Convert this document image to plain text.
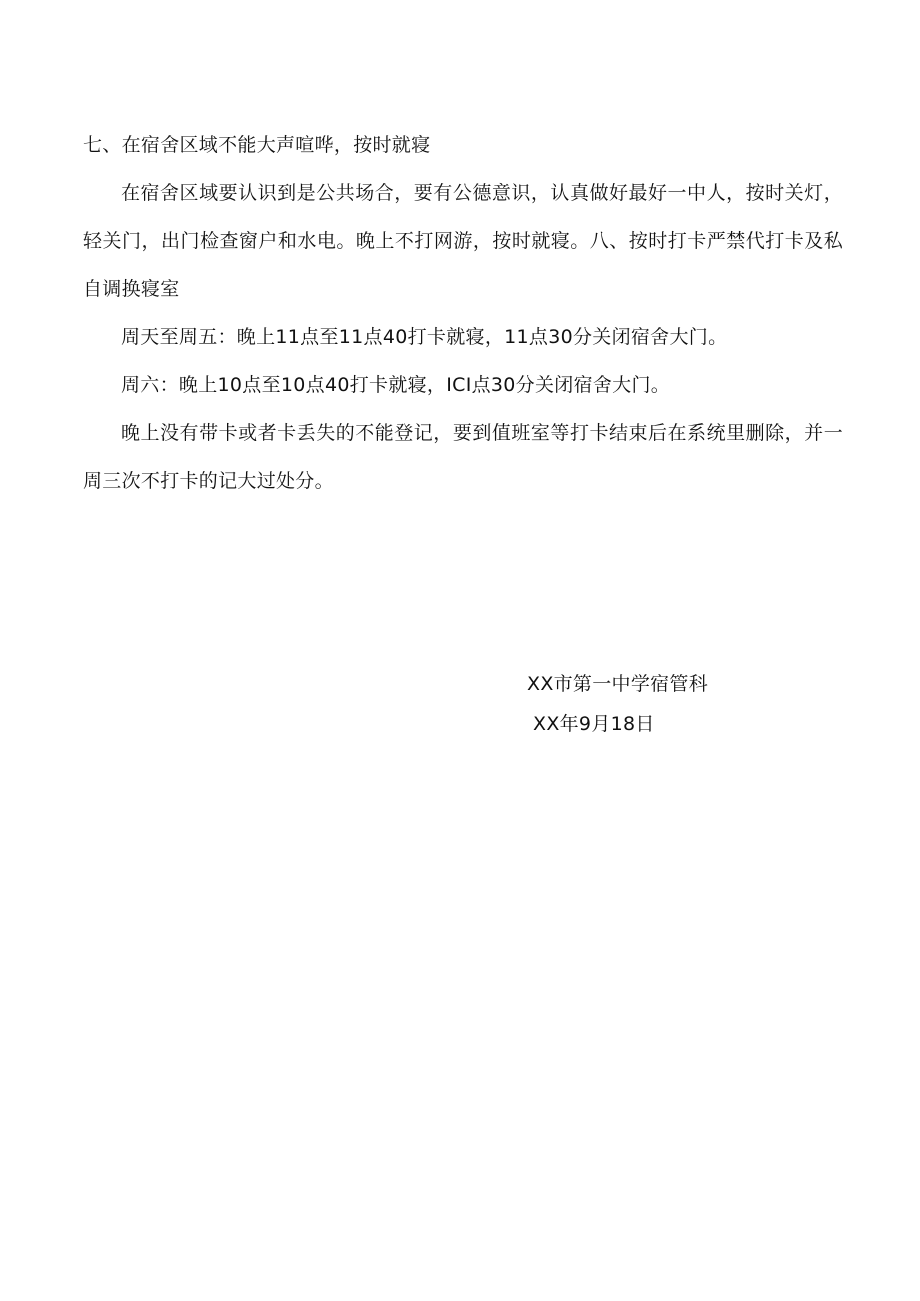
七、在宿舍区域不能大声喧哗，按时就寝

在宿舍区域要认识到是公共场合，要有公德意识，认真做好最好一中人，按时关灯，轻关门，出门检查窗户和水电。晚上不打网游，按时就寝。八、按时打卡严禁代打卡及私自调换寝室

周天至周五：晚上11点至11点40打卡就寝，11点30分关闭宿舍大门。

周六：晚上10点至10点40打卡就寝，ICI点30分关闭宿舍大门。

晚上没有带卡或者卡丢失的不能登记，要到值班室等打卡结束后在系统里删除，并一周三次不打卡的记大过处分。

XX市第一中学宿管科

XX年9月18日
